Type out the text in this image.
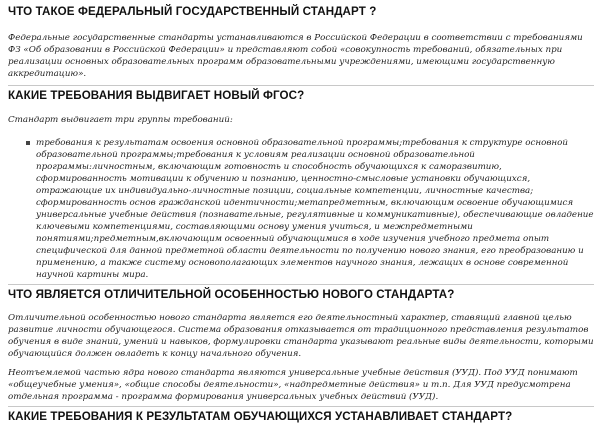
ЧТО ТАКОЕ ФЕДЕРАЛЬНЫЙ ГОСУДАРСТВЕННЫЙ СТАНДАРТ ?

Федеральные государственные стандарты устанавливаются в Российской Федерации в соответствии с требованиями ФЗ «Об образовании в Российской Федерации» и представляют собой «совокупность требований, обязательных при реализации основных образовательных программ образовательными учреждениями, имеющими государственную аккредитацию».

КАКИЕ ТРЕБОВАНИЯ ВЫДВИГАЕТ НОВЫЙ ФГОС?

Стандарт выдвигает три группы требований:

требования к результатам освоения основной образовательной программы;требования к структуре основной образовательной программы;требования к условиям реализации основной образовательной программы:личностным, включающим готовность и способность обучающихся к саморазвитию, сформированность мотивации к обучению и познанию, ценностно-смысловые установки обучающихся, отражающие их индивидуально-личностные позиции, социальные компетенции, личностные качества; сформированность основ гражданской идентичности;метапредметным, включающим освоение обучающимися универсальные учебные действия (познавательные, регулятивные и коммуникативные), обеспечивающие овладение ключевыми компетенциями, составляющими основу умения учиться, и межпредметными понятиями;предметным,включающим освоенный обучающимися в ходе изучения учебного предмета опыт специфической для данной предметной области деятельности по получению нового знания, его преобразованию и применению, а также систему основополагающих элементов научного знания, лежащих в основе современной научной картины мира.
ЧТО ЯВЛЯЕТСЯ ОТЛИЧИТЕЛЬНОЙ ОСОБЕННОСТЬЮ НОВОГО СТАНДАРТА?

Отличительной особенностью нового стандарта является его деятельностный характер, ставящий главной целью развитие личности обучающегося. Система образования отказывается от традиционного представления результатов обучения в виде знаний, умений и навыков, формулировки стандарта указывают реальные виды деятельности, которыми обучающийся должен овладеть к концу начального обучения.

Неотъемлемой частью ядра нового стандарта являются универсальные учебные действия (УУД). Под УУД понимают «общеучебные умения», «общие способы деятельности», «надпредметные действия» и т.п. Для УУД предусмотрена отдельная программа - программа формирования универсальных учебных действий (УУД).

КАКИЕ ТРЕБОВАНИЯ К РЕЗУЛЬТАТАМ ОБУЧАЮЩИХСЯ УСТАНАВЛИВАЕТ СТАНДАРТ?
